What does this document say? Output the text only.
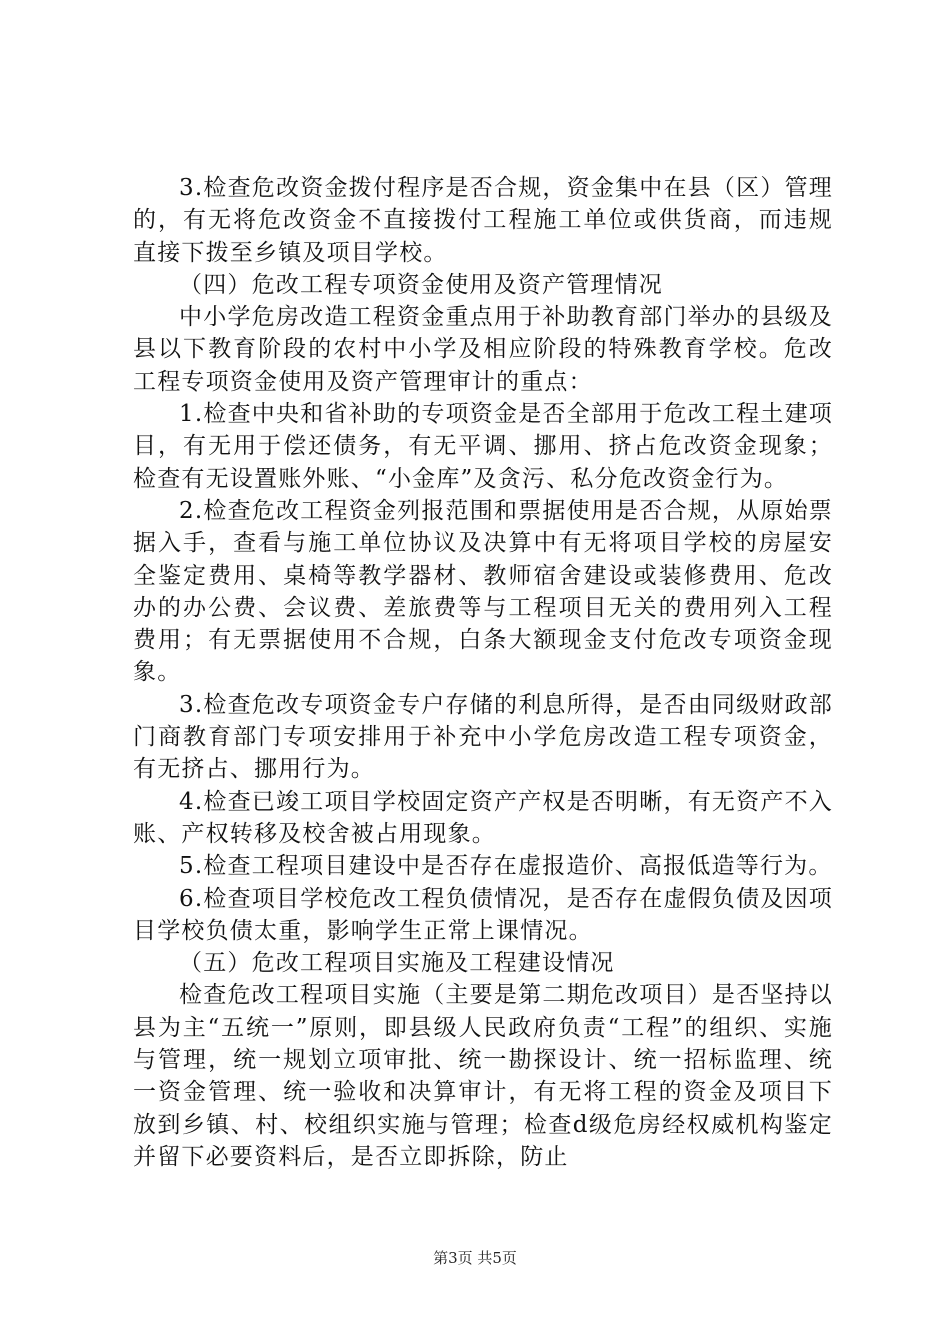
3.检查危改资金拨付程序是否合规，资金集中在县（区）管理的，有无将危改资金不直接拨付工程施工单位或供货商，而违规直接下拨至乡镇及项目学校。

（四）危改工程专项资金使用及资产管理情况

中小学危房改造工程资金重点用于补助教育部门举办的县级及县以下教育阶段的农村中小学及相应阶段的特殊教育学校。危改工程专项资金使用及资产管理审计的重点：

1.检查中央和省补助的专项资金是否全部用于危改工程土建项目，有无用于偿还债务，有无平调、挪用、挤占危改资金现象；检查有无设置账外账、“小金库”及贪污、私分危改资金行为。

2.检查危改工程资金列报范围和票据使用是否合规，从原始票据入手，查看与施工单位协议及决算中有无将项目学校的房屋安全鉴定费用、桌椅等教学器材、教师宿舍建设或装修费用、危改办的办公费、会议费、差旅费等与工程项目无关的费用列入工程费用；有无票据使用不合规，白条大额现金支付危改专项资金现象。

3.检查危改专项资金专户存储的利息所得，是否由同级财政部门商教育部门专项安排用于补充中小学危房改造工程专项资金，有无挤占、挪用行为。

4.检查已竣工项目学校固定资产产权是否明晰，有无资产不入账、产权转移及校舍被占用现象。

5.检查工程项目建设中是否存在虚报造价、高报低造等行为。

6.检查项目学校危改工程负债情况，是否存在虚假负债及因项目学校负债太重，影响学生正常上课情况。

（五）危改工程项目实施及工程建设情况

检查危改工程项目实施（主要是第二期危改项目）是否坚持以县为主“五统一”原则，即县级人民政府负责“工程”的组织、实施与管理，统一规划立项审批、统一勘探设计、统一招标监理、统一资金管理、统一验收和决算审计，有无将工程的资金及项目下放到乡镇、村、校组织实施与管理；检查d级危房经权威机构鉴定并留下必要资料后，是否立即拆除，防止

第3页 共5页
